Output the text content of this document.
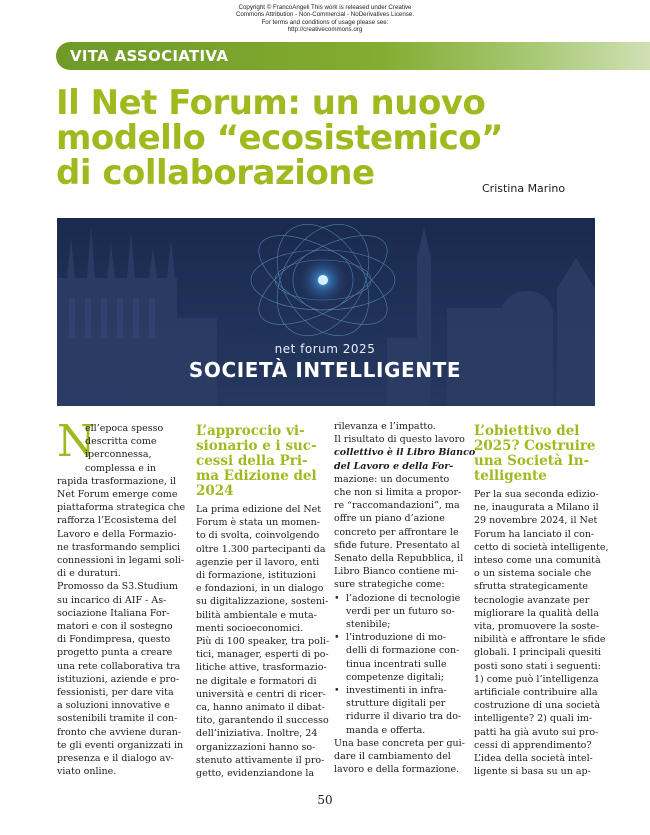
Copyright © FrancoAngeli This work is released under Creative
Commons Attribution - Non-Commercial - NoDerivatives License.
For terms and conditions of usage please see:
http://creativecommons.org
VITA ASSOCIATIVA
Il Net Forum: un nuovo
modello “ecosistemico”
di collaborazione	Cristina Marino
net forum 2025
SOCIETÀ INTELLIGENTE
N

ell’epoca spesso
descritta come
iperconnessa,
complessa e in
rapida trasformazione, il
Net Forum emerge come
piattaforma strategica che
rafforza l’Ecosistema del
Lavoro e della Formazio-
ne trasformando semplici
connessioni in legami soli-
di e duraturi.
Promosso da S3.Studium
su incarico di AIF - As-
sociazione Italiana For-
matori e con il sostegno
di Fondimpresa, questo
progetto punta a creare
una rete collaborativa tra
istituzioni, aziende e pro-
fessionisti, per dare vita
a soluzioni innovative e
sostenibili tramite il con-
fronto che avviene duran-
te gli eventi organizzati in
presenza e il dialogo av-
viato online.

L’approccio vi-
sionario e i suc-
cessi della Pri-
ma Edizione del
2024

La prima edizione del Net
Forum è stata un momen-
to di svolta, coinvolgendo
oltre 1.300 partecipanti da
agenzie per il lavoro, enti
di formazione, istituzioni
e fondazioni, in un dialogo
su digitalizzazione, sosteni-
bilità ambientale e muta-
menti socioeconomici.
Più di 100 speaker, tra poli-
tici, manager, esperti di po-
litiche attive, trasformazio-
ne digitale e formatori di
università e centri di ricer-
ca, hanno animato il dibat-
tito, garantendo il successo
dell’iniziativa. Inoltre, 24
organizzazioni hanno so-
stenuto attivamente il pro-
getto, evidenziandone la

rilevanza e l’impatto.
Il risultato di questo lavoro
collettivo è il Libro Bianco
del Lavoro e della For-
mazione: un documento
che non si limita a propor-
re “raccomandazioni”, ma
offre un piano d’azione
concreto per affrontare le
sfide future. Presentato al
Senato della Repubblica, il
Libro Bianco contiene mi-
sure strategiche come:

• l’adozione di tecnologie
verdi per un futuro so-
stenibile;
• l’introduzione di mo-
delli di formazione con-
tinua incentrati sulle
competenze digitali;
• investimenti in infra-
strutture digitali per
ridurre il divario tra do-
manda e offerta.

Una base concreta per gui-
dare il cambiamento del
lavoro e della formazione.

L’obiettivo del
2025? Costruire
una Società In-
telligente

Per la sua seconda edizio-
ne, inaugurata a Milano il
29 novembre 2024, il Net
Forum ha lanciato il con-
cetto di società intelligente,
inteso come una comunità
o un sistema sociale che
sfrutta strategicamente
tecnologie avanzate per
migliorare la qualità della
vita, promuovere la soste-
nibilità e affrontare le sfide
globali. I principali quesiti
posti sono stati i seguenti:
1) come può l’intelligenza
artificiale contribuire alla
costruzione di una società
intelligente? 2) quali im-
patti ha già avuto sui pro-
cessi di apprendimento?
L’idea della società intel-
ligente si basa su un ap-

50
